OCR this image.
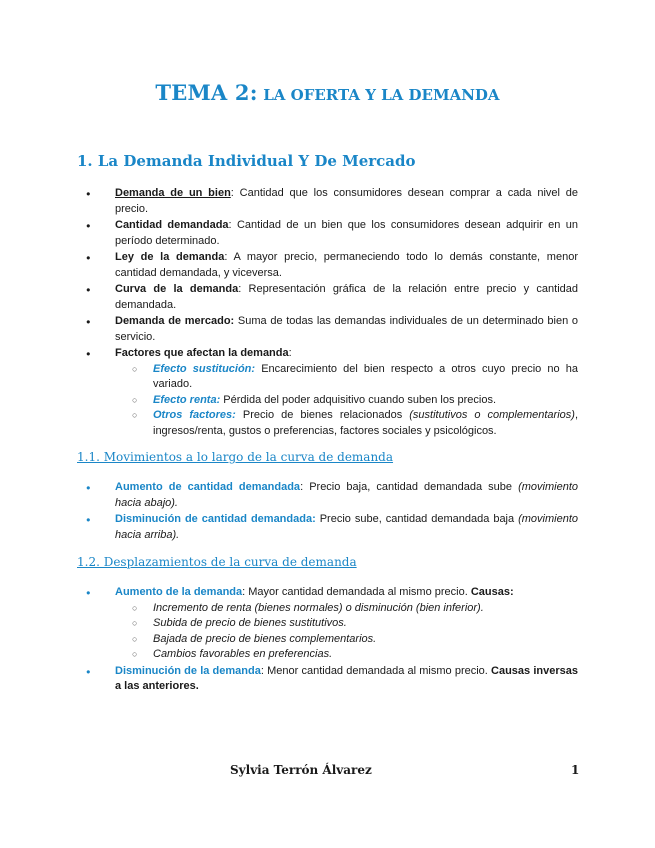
TEMA 2: LA OFERTA Y LA DEMANDA
1. La Demanda Individual Y De Mercado
● Demanda de un bien: Cantidad que los consumidores desean comprar a cada nivel de precio.
● Cantidad demandada: Cantidad de un bien que los consumidores desean adquirir en un período determinado.
● Ley de la demanda: A mayor precio, permaneciendo todo lo demás constante, menor cantidad demandada, y viceversa.
● Curva de la demanda: Representación gráfica de la relación entre precio y cantidad demandada.
● Demanda de mercado: Suma de todas las demandas individuales de un determinado bien o servicio.
● Factores que afectan la demanda:
○ Efecto sustitución: Encarecimiento del bien respecto a otros cuyo precio no ha variado.
○ Efecto renta: Pérdida del poder adquisitivo cuando suben los precios.
○ Otros factores: Precio de bienes relacionados (sustitutivos o complementarios), ingresos/renta, gustos o preferencias, factores sociales y psicológicos.
1.1. Movimientos a lo largo de la curva de demanda
● Aumento de cantidad demandada: Precio baja, cantidad demandada sube (movimiento hacia abajo).
● Disminución de cantidad demandada: Precio sube, cantidad demandada baja (movimiento hacia arriba).
1.2. Desplazamientos de la curva de demanda
● Aumento de la demanda: Mayor cantidad demandada al mismo precio. Causas:
○ Incremento de renta (bienes normales) o disminución (bien inferior).
○ Subida de precio de bienes sustitutivos.
○ Bajada de precio de bienes complementarios.
○ Cambios favorables en preferencias.
● Disminución de la demanda: Menor cantidad demandada al mismo precio. Causas inversas a las anteriores.
Sylvia Terrón Álvarez	1
